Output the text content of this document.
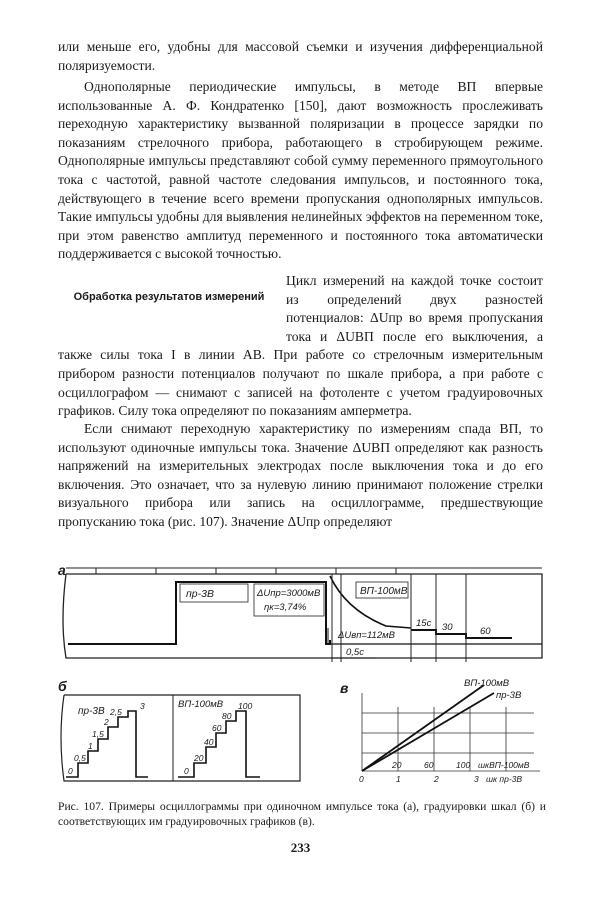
или меньше его, удобны для массовой съемки и изучения дифференциальной поляризуемости.

Однополярные периодические импульсы, в методе ВП впервые использованные А. Ф. Кондратенко [150], дают возможность прослеживать переходную характеристику вызванной поляризации в процессе зарядки по показаниям стрелочного прибора, работающего в стробирующем режиме. Однополярные импульсы представляют собой сумму переменного прямоугольного тока с частотой, равной частоте следования импульсов, и постоянного тока, действующего в течение всего времени пропускания однополярных импульсов. Такие импульсы удобны для выявления нелинейных эффектов на переменном токе, при этом равенство амплитуд переменного и постоянного тока автоматически поддерживается с высокой точностью.

Обработка результатов измерений

Цикл измерений на каждой точке состоит из определений двух разностей потенциалов: ΔUпр во время пропускания тока и ΔUВП после его выключения, а также силы тока I в линии AB. При работе со стрелочным измерительным прибором разности потенциалов получают по шкале прибора, а при работе с осциллографом — снимают с записей на фотоленте с учетом градуировочных графиков. Силу тока определяют по показаниям амперметра.

Если снимают переходную характеристику по измерениям спада ВП, то используют одиночные импульсы тока. Значение ΔUВП определяют как разность напряжений на измерительных электродах после выключения тока и до его включения. Это означает, что за нулевую линию принимают положение стрелки визуального прибора или запись на осциллограмме, предшествующие пропусканию тока (рис. 107). Значение ΔUпр определяют

а
пр-3В	ΔUпр=3000мВ
ηк=3,74%
ВП-100мВ
ΔUвп=112мВ
15с 30	60
0,5с
б
пр-3В
0
0,5
1
1,5
2
2,5
3	ВП-100мВ
0
20
40
60
80
100
в	ВП-100мВ
пр-3В
20	60	100 шкВП-100мВ
0	1	2	3 шк пр-3В
Рис. 107. Примеры осциллограммы при одиночном импульсе тока (а), градуировки шкал (б) и соответствующих им градуировочных графиков (в).
233
